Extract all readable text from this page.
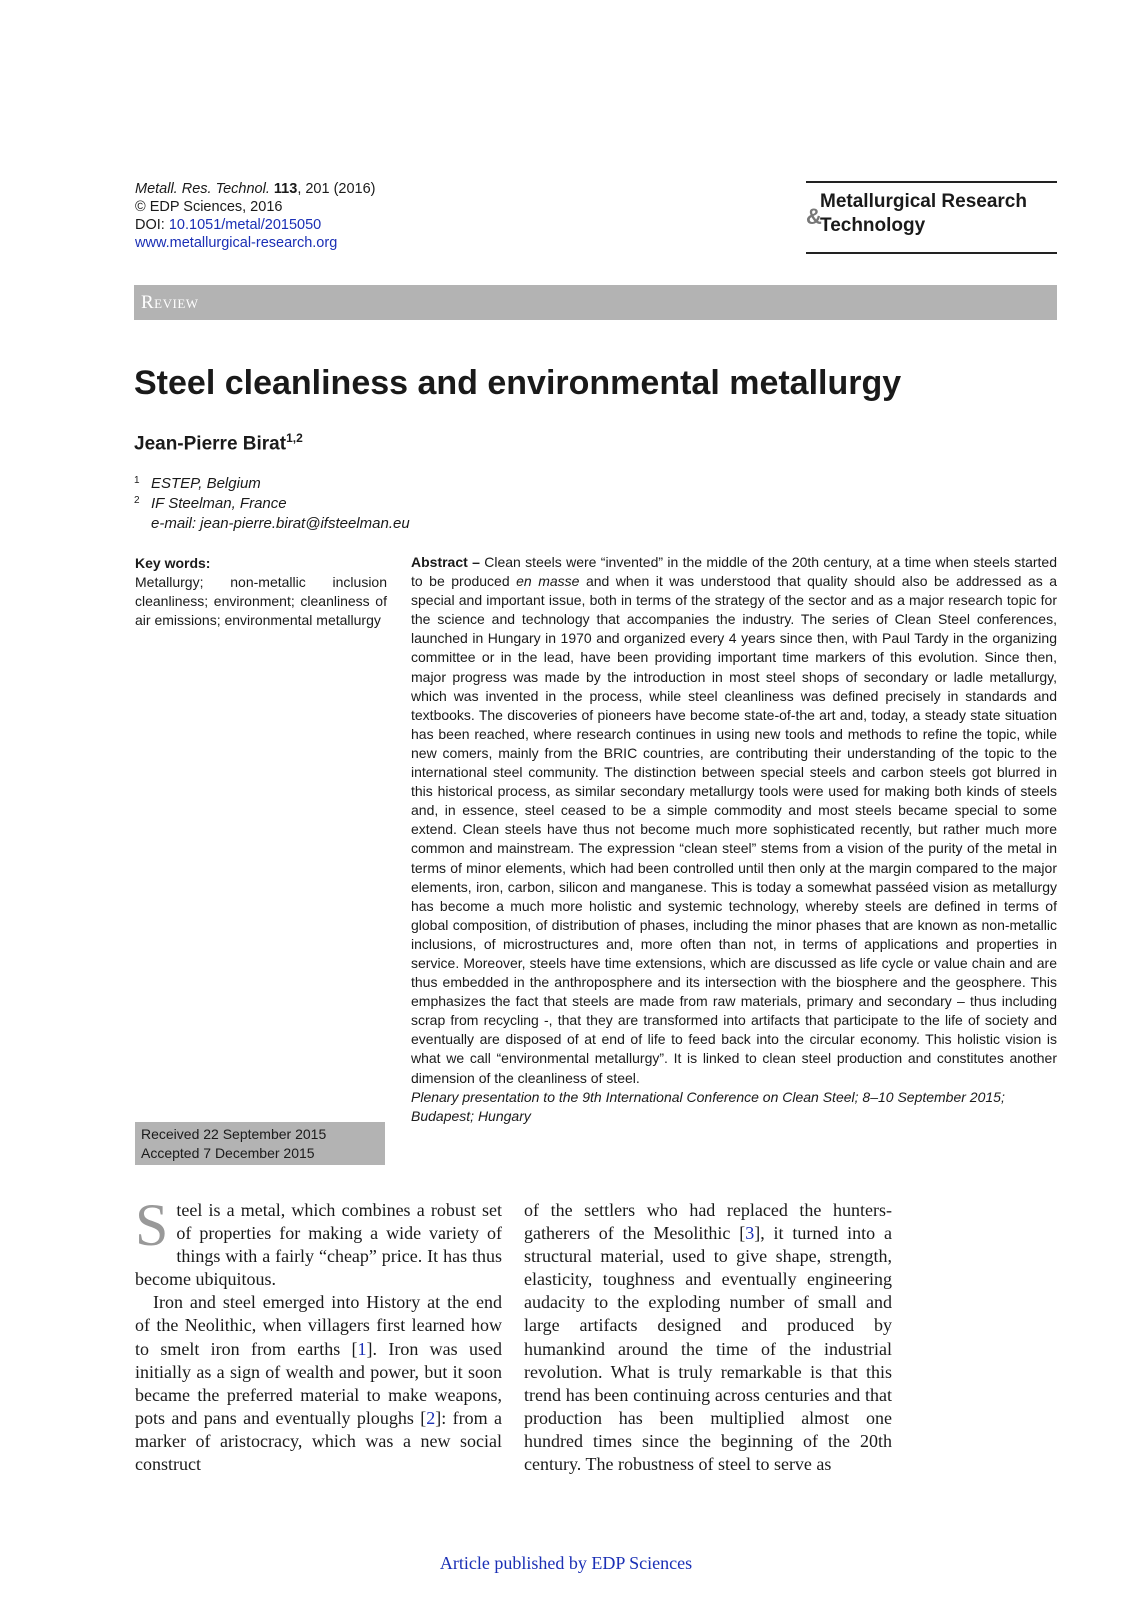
Metall. Res. Technol. 113, 201 (2016)
© EDP Sciences, 2016
DOI: 10.1051/metal/2015050
www.metallurgical-research.org
&
Metallurgical Research
Technology
Review
Steel cleanliness and environmental metallurgy
Jean-Pierre Birat$^{1,2}$
1 ESTEP, Belgium
2 IF Steelman, France
e-mail: jean-pierre.birat@ifsteelman.eu
Key words:
Metallurgy; non-metallic inclusion cleanliness; environment; cleanliness of air emissions; environmental metallurgy
Received 22 September 2015
Accepted 7 December 2015
Abstract – Clean steels were “invented” in the middle of the 20th century, at a time when steels started to be produced en masse and when it was understood that quality should also be addressed as a special and important issue, both in terms of the strategy of the sector and as a major research topic for the science and technology that accompanies the industry. The series of Clean Steel conferences, launched in Hungary in 1970 and organized every 4 years since then, with Paul Tardy in the organizing committee or in the lead, have been providing important time markers of this evolution. Since then, major progress was made by the introduction in most steel shops of secondary or ladle metallurgy, which was invented in the process, while steel cleanliness was defined precisely in standards and textbooks. The discoveries of pioneers have become state-of-the art and, today, a steady state situation has been reached, where research continues in using new tools and methods to refine the topic, while new comers, mainly from the BRIC countries, are contributing their understanding of the topic to the international steel community. The distinction between special steels and carbon steels got blurred in this historical process, as similar secondary metallurgy tools were used for making both kinds of steels and, in essence, steel ceased to be a simple commodity and most steels became special to some extend. Clean steels have thus not become much more sophisticated recently, but rather much more common and mainstream. The expression “clean steel” stems from a vision of the purity of the metal in terms of minor elements, which had been controlled until then only at the margin compared to the major elements, iron, carbon, silicon and manganese. This is today a somewhat passéed vision as metallurgy has become a much more holistic and systemic technology, whereby steels are defined in terms of global composition, of distribution of phases, including the minor phases that are known as non-metallic inclusions, of microstructures and, more often than not, in terms of applications and properties in service. Moreover, steels have time extensions, which are discussed as life cycle or value chain and are thus embedded in the anthroposphere and its intersection with the biosphere and the geosphere. This emphasizes the fact that steels are made from raw materials, primary and secondary – thus including scrap from recycling -, that they are transformed into artifacts that participate to the life of society and eventually are disposed of at end of life to feed back into the circular economy. This holistic vision is what we call “environmental metallurgy”. It is linked to clean steel production and constitutes another dimension of the cleanliness of steel.
Plenary presentation to the 9th International Conference on Clean Steel; 8–10 September 2015; Budapest; Hungary

Steel is a metal, which combines a robust set of properties for making a wide variety of things with a fairly “cheap” price. It has thus become ubiquitous.

Iron and steel emerged into History at the end of the Neolithic, when villagers first learned how to smelt iron from earths [1]. Iron was used initially as a sign of wealth and power, but it soon became the preferred material to make weapons, pots and pans and eventually ploughs [2]: from a marker of aristocracy, which was a new social construct

of the settlers who had replaced the hunters-gatherers of the Mesolithic [3], it turned into a structural material, used to give shape, strength, elasticity, toughness and eventually engineering audacity to the exploding number of small and large artifacts designed and produced by humankind around the time of the industrial revolution. What is truly remarkable is that this trend has been continuing across centuries and that production has been multiplied almost one hundred times since the beginning of the 20th century. The robustness of steel to serve as

Article published by EDP Sciences
